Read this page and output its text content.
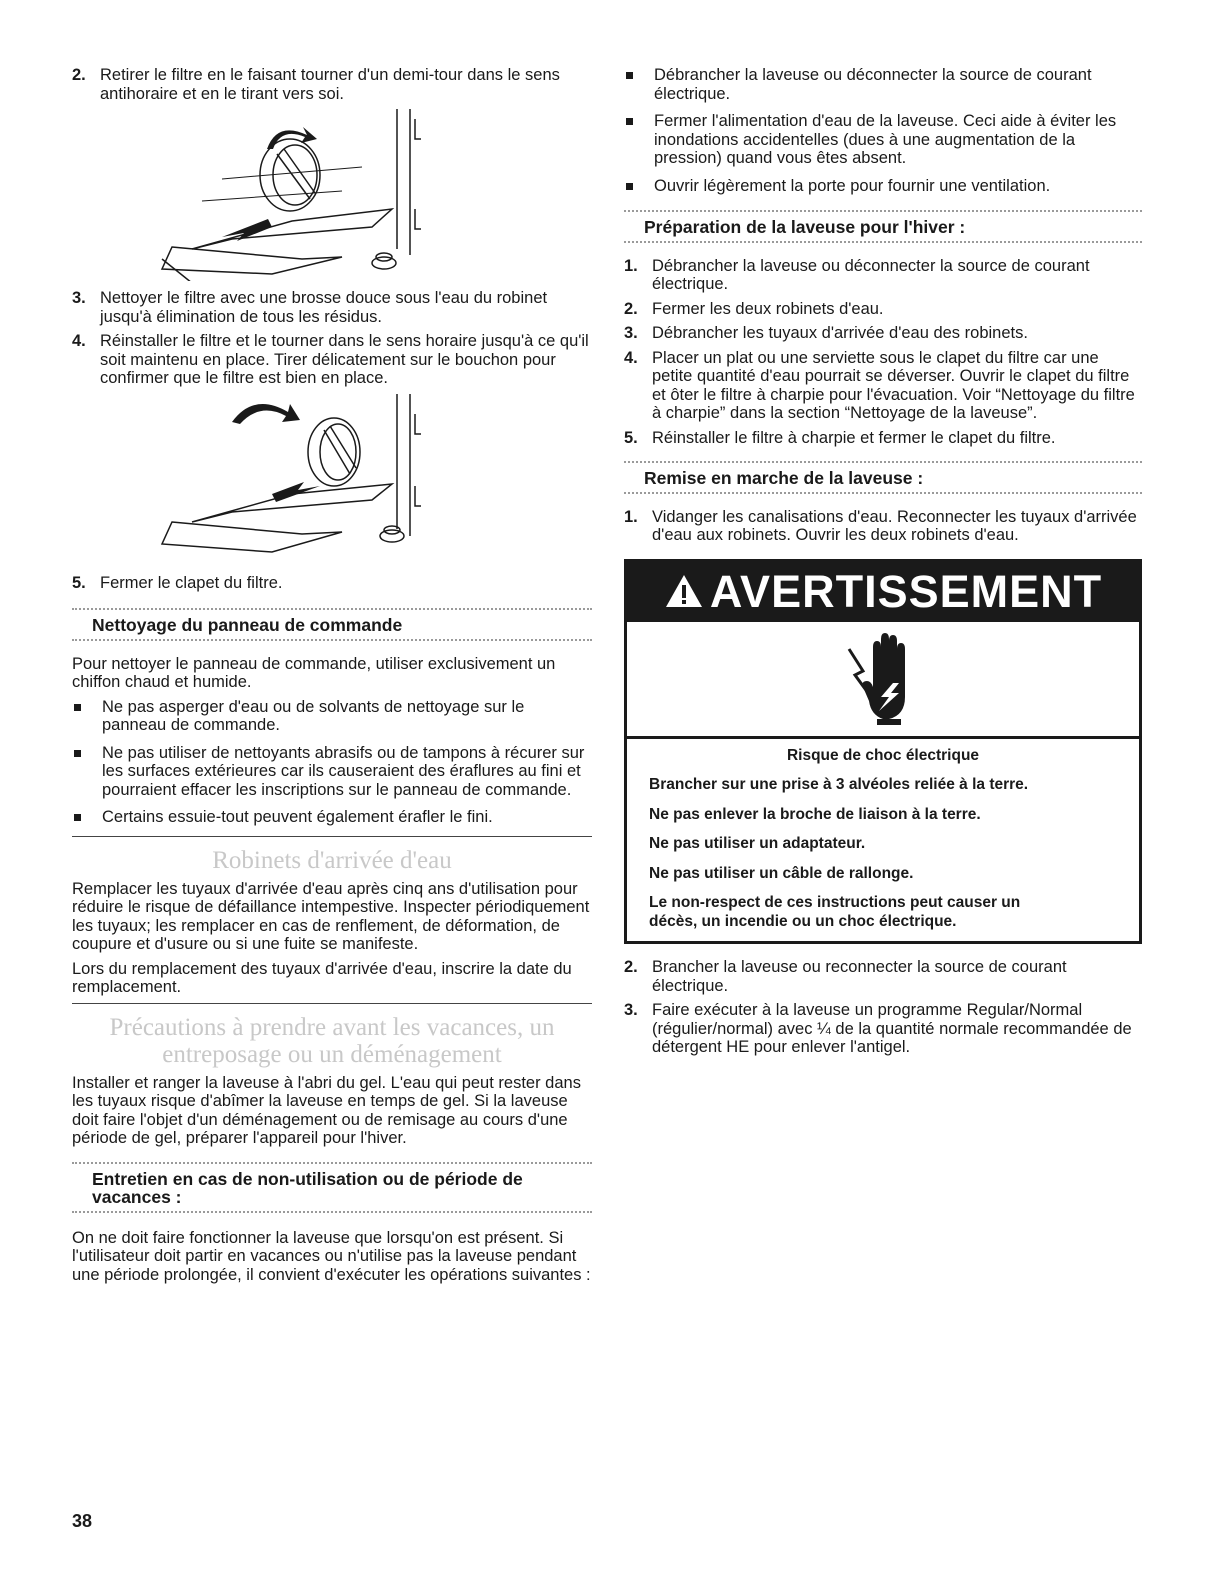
2. Retirer le filtre en le faisant tourner d'un demi-tour dans le sens antihoraire et en le tirant vers soi.
3. Nettoyer le filtre avec une brosse douce sous l'eau du robinet jusqu'à élimination de tous les résidus.
4. Réinstaller le filtre et le tourner dans le sens horaire jusqu'à ce qu'il soit maintenu en place. Tirer délicatement sur le bouchon pour confirmer que le filtre est bien en place.
5. Fermer le clapet du filtre.
Nettoyage du panneau de commande

Pour nettoyer le panneau de commande, utiliser exclusivement un chiffon chaud et humide.

Ne pas asperger d'eau ou de solvants de nettoyage sur le panneau de commande.
Ne pas utiliser de nettoyants abrasifs ou de tampons à récurer sur les surfaces extérieures car ils causeraient des éraflures au fini et pourraient effacer les inscriptions sur le panneau de commande.
Certains essuie-tout peuvent également érafler le fini.
Robinets d'arrivée d'eau

Remplacer les tuyaux d'arrivée d'eau après cinq ans d'utilisation pour réduire le risque de défaillance intempestive. Inspecter périodiquement les tuyaux; les remplacer en cas de renflement, de déformation, de coupure et d'usure ou si une fuite se manifeste.

Lors du remplacement des tuyaux d'arrivée d'eau, inscrire la date du remplacement.

Précautions à prendre avant les vacances, un
entreposage ou un déménagement

Installer et ranger la laveuse à l'abri du gel. L'eau qui peut rester dans les tuyaux risque d'abîmer la laveuse en temps de gel. Si la laveuse doit faire l'objet d'un déménagement ou de remisage au cours d'une période de gel, préparer l'appareil pour l'hiver.

Entretien en cas de non-utilisation ou de période de vacances :

On ne doit faire fonctionner la laveuse que lorsqu'on est présent. Si l'utilisateur doit partir en vacances ou n'utilise pas la laveuse pendant une période prolongée, il convient d'exécuter les opérations suivantes :

Débrancher la laveuse ou déconnecter la source de courant électrique.
Fermer l'alimentation d'eau de la laveuse. Ceci aide à éviter les inondations accidentelles (dues à une augmentation de la pression) quand vous êtes absent.
Ouvrir légèrement la porte pour fournir une ventilation.
Préparation de la laveuse pour l'hiver :
1. Débrancher la laveuse ou déconnecter la source de courant électrique.
2. Fermer les deux robinets d'eau.
3. Débrancher les tuyaux d'arrivée d'eau des robinets.
4. Placer un plat ou une serviette sous le clapet du filtre car une petite quantité d'eau pourrait se déverser. Ouvrir le clapet du filtre et ôter le filtre à charpie pour l'évacuation. Voir “Nettoyage du filtre à charpie” dans la section “Nettoyage de la laveuse”.
5. Réinstaller le filtre à charpie et fermer le clapet du filtre.
Remise en marche de la laveuse :
1. Vidanger les canalisations d'eau. Reconnecter les tuyaux d'arrivée d'eau aux robinets. Ouvrir les deux robinets d'eau.
AVERTISSEMENT
Risque de choc électrique
Brancher sur une prise à 3 alvéoles reliée à la terre.
Ne pas enlever la broche de liaison à la terre.
Ne pas utiliser un adaptateur.
Ne pas utiliser un câble de rallonge.
Le non-respect de ces instructions peut causer un décès, un incendie ou un choc électrique.
2. Brancher la laveuse ou reconnecter la source de courant électrique.
3. Faire exécuter à la laveuse un programme Regular/Normal (régulier/normal) avec ¼ de la quantité normale recommandée de détergent HE pour enlever l'antigel.
38
